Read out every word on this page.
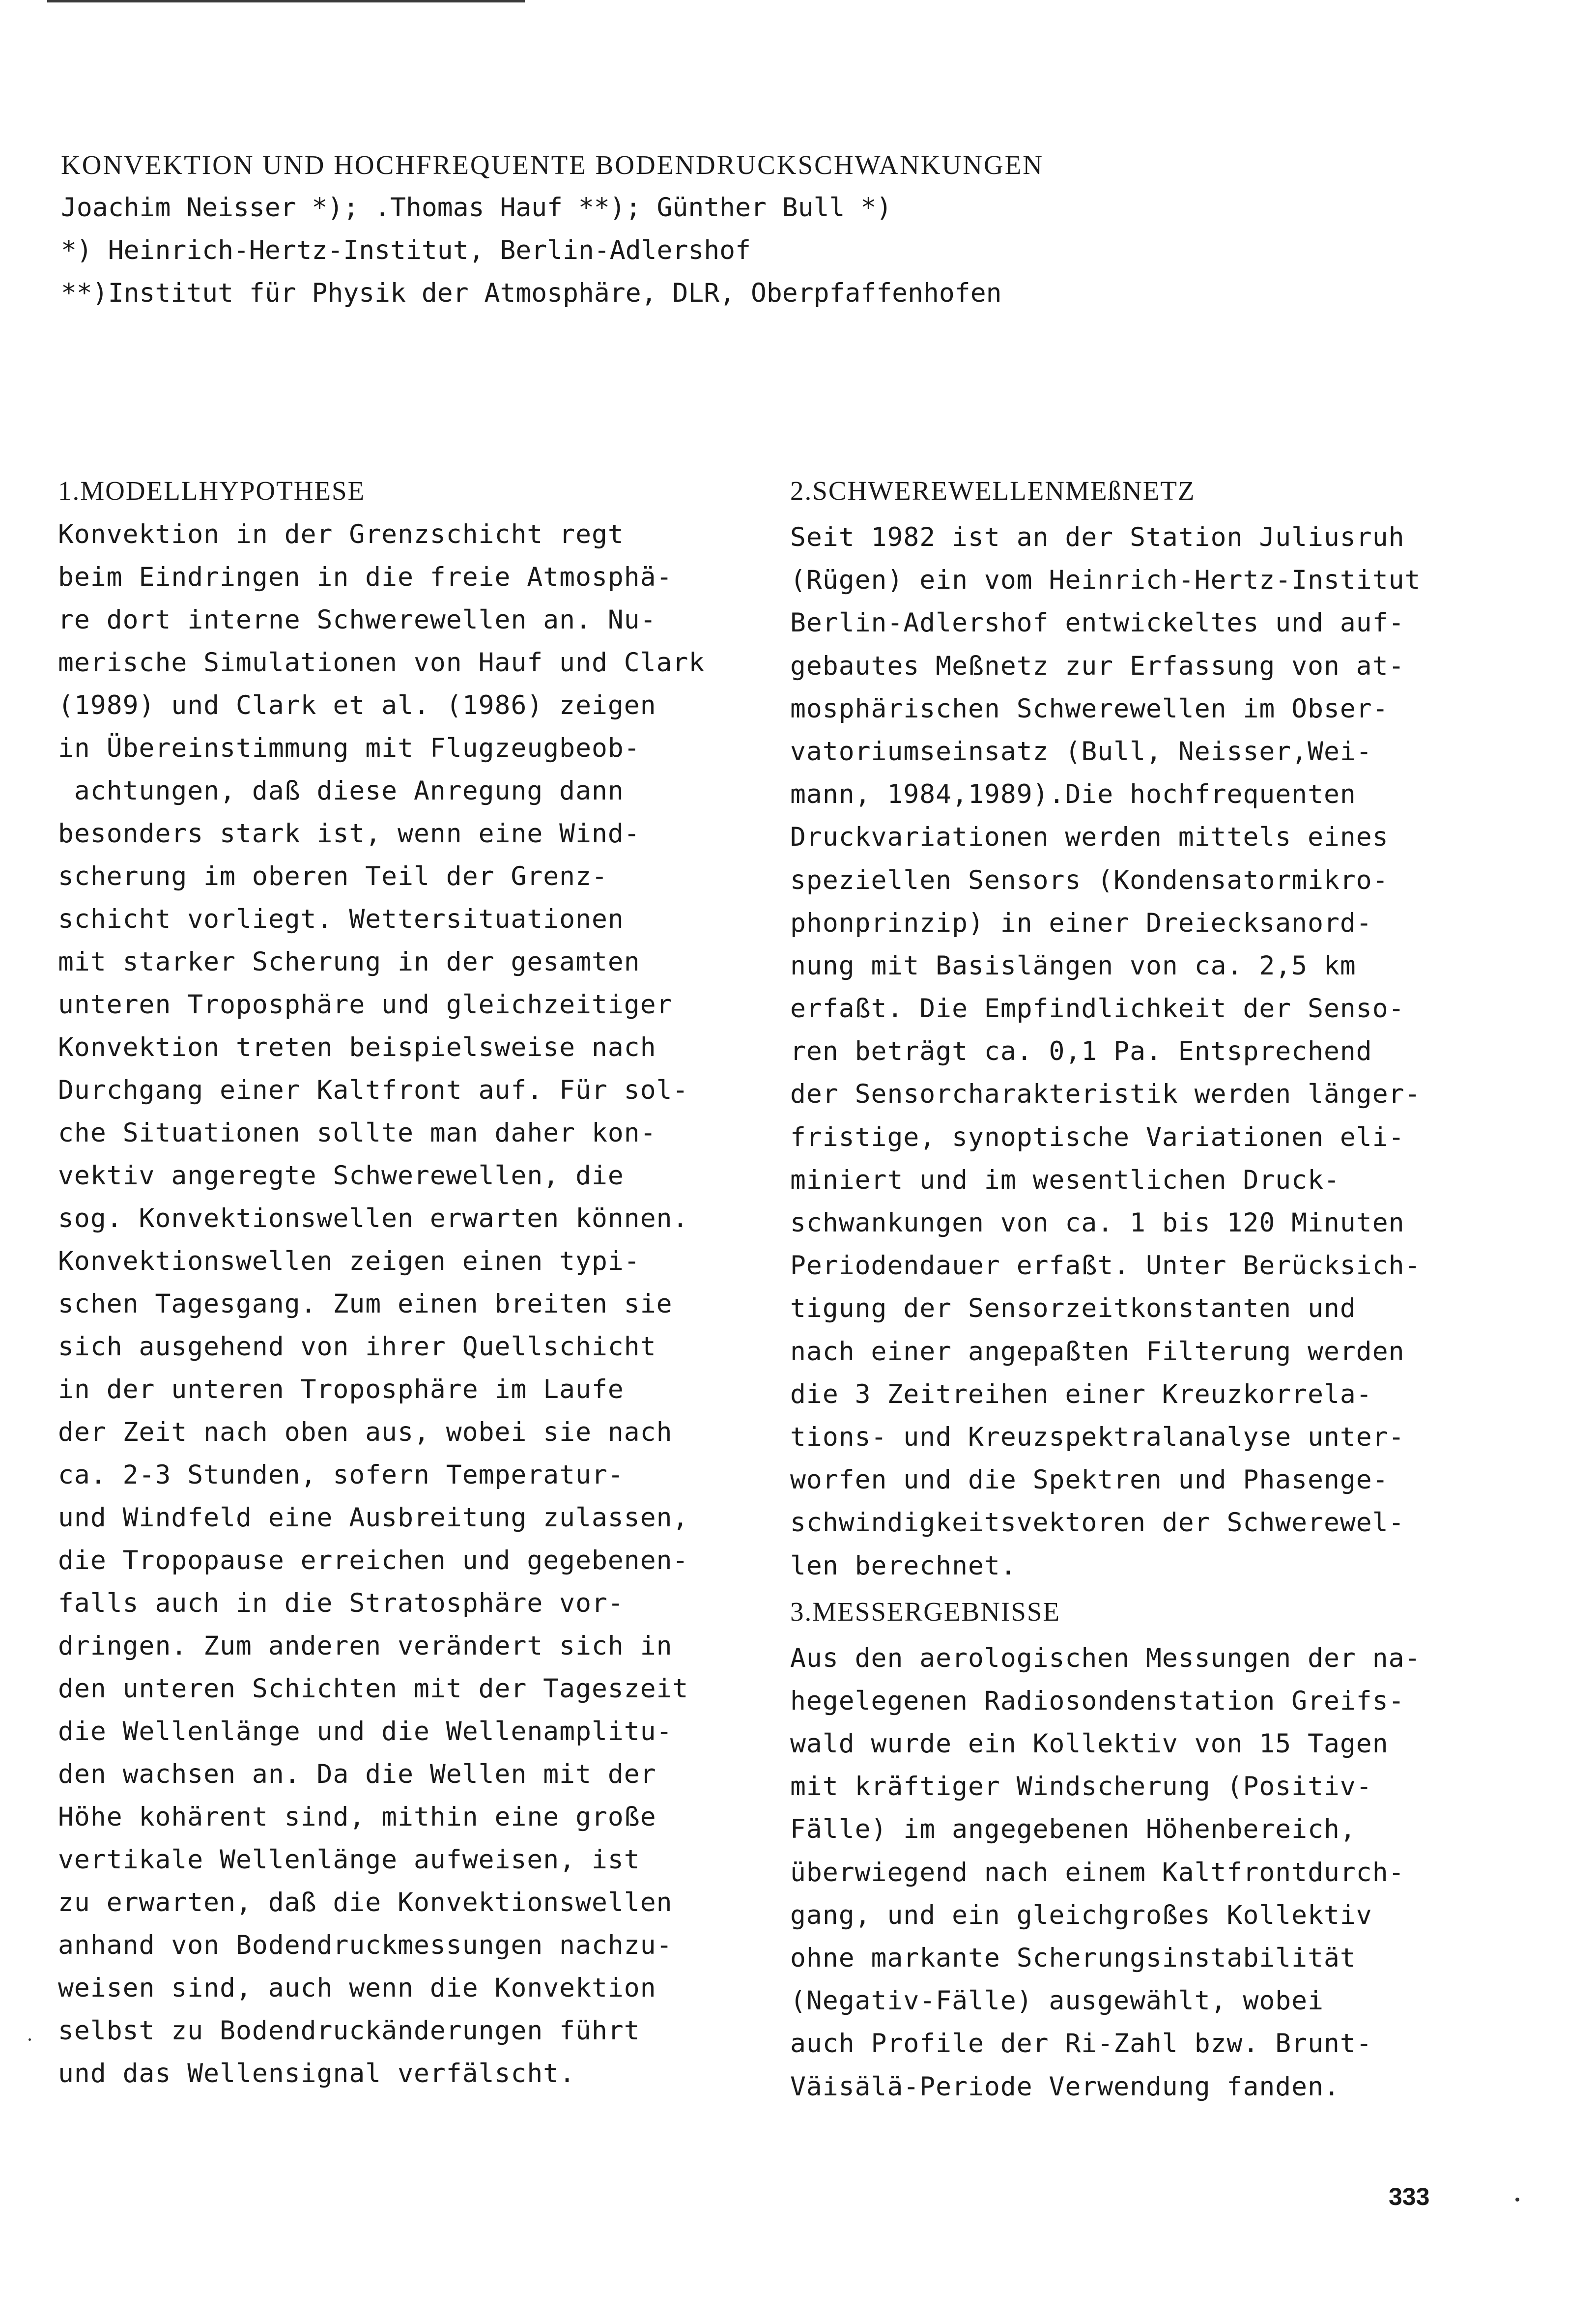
KONVEKTION UND HOCHFREQUENTE BODENDRUCKSCHWANKUNGEN
Joachim Neisser *); .Thomas Hauf **); Günther Bull *)
*) Heinrich-Hertz-Institut, Berlin-Adlershof
**)Institut für Physik der Atmosphäre, DLR, Oberpfaffenhofen
1.MODELLHYPOTHESE
Konvektion in der Grenzschicht regt
beim Eindringen in die freie Atmosphä-
re dort interne Schwerewellen an. Nu-
merische Simulationen von Hauf und Clark
(1989) und Clark et al. (1986) zeigen
in Übereinstimmung mit Flugzeugbeob-
achtungen, daß diese Anregung dann
besonders stark ist, wenn eine Wind-
scherung im oberen Teil der Grenz-
schicht vorliegt. Wettersituationen
mit starker Scherung in der gesamten
unteren Troposphäre und gleichzeitiger
Konvektion treten beispielsweise nach
Durchgang einer Kaltfront auf. Für sol-
che Situationen sollte man daher kon-
vektiv angeregte Schwerewellen, die
sog. Konvektionswellen erwarten können.
Konvektionswellen zeigen einen typi-
schen Tagesgang. Zum einen breiten sie
sich ausgehend von ihrer Quellschicht
in der unteren Troposphäre im Laufe
der Zeit nach oben aus, wobei sie nach
ca. 2-3 Stunden, sofern Temperatur-
und Windfeld eine Ausbreitung zulassen,
die Tropopause erreichen und gegebenen-
falls auch in die Stratosphäre vor-
dringen. Zum anderen verändert sich in
den unteren Schichten mit der Tageszeit
die Wellenlänge und die Wellenamplitu-
den wachsen an. Da die Wellen mit der
Höhe kohärent sind, mithin eine große
vertikale Wellenlänge aufweisen, ist
zu erwarten, daß die Konvektionswellen
anhand von Bodendruckmessungen nachzu-
weisen sind, auch wenn die Konvektion
selbst zu Bodendruckänderungen führt
und das Wellensignal verfälscht.
2.SCHWEREWELLENMEßNETZ
Seit 1982 ist an der Station Juliusruh
(Rügen) ein vom Heinrich-Hertz-Institut
Berlin-Adlershof entwickeltes und auf-
gebautes Meßnetz zur Erfassung von at-
mosphärischen Schwerewellen im Obser-
vatoriumseinsatz (Bull, Neisser,Wei-
mann, 1984,1989).Die hochfrequenten
Druckvariationen werden mittels eines
speziellen Sensors (Kondensatormikro-
phonprinzip) in einer Dreiecksanord-
nung mit Basislängen von ca. 2,5 km
erfaßt. Die Empfindlichkeit der Senso-
ren beträgt ca. 0,1 Pa. Entsprechend
der Sensorcharakteristik werden länger-
fristige, synoptische Variationen eli-
miniert und im wesentlichen Druck-
schwankungen von ca. 1 bis 120 Minuten
Periodendauer erfaßt. Unter Berücksich-
tigung der Sensorzeitkonstanten und
nach einer angepaßten Filterung werden
die 3 Zeitreihen einer Kreuzkorrela-
tions- und Kreuzspektralanalyse unter-
worfen und die Spektren und Phasenge-
schwindigkeitsvektoren der Schwerewel-
len berechnet.
3.MESSERGEBNISSE
Aus den aerologischen Messungen der na-
hegelegenen Radiosondenstation Greifs-
wald wurde ein Kollektiv von 15 Tagen
mit kräftiger Windscherung (Positiv-
Fälle) im angegebenen Höhenbereich,
überwiegend nach einem Kaltfrontdurch-
gang, und ein gleichgroßes Kollektiv
ohne markante Scherungsinstabilität
(Negativ-Fälle) ausgewählt, wobei
auch Profile der Ri-Zahl bzw. Brunt-
Väisälä-Periode Verwendung fanden.
333
